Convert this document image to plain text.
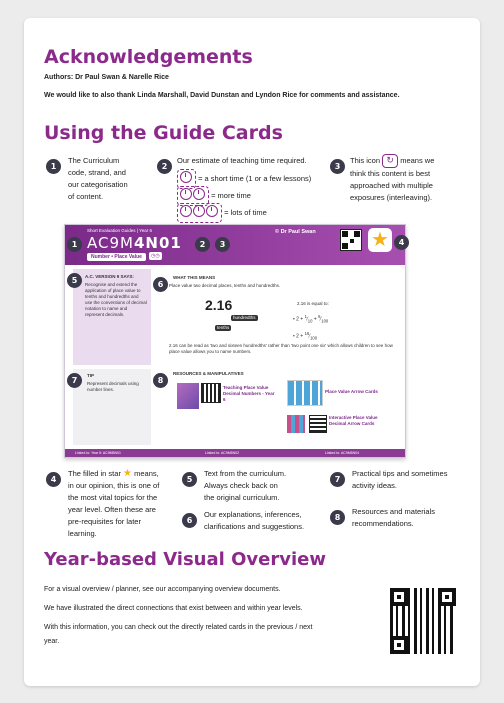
Acknowledgements
Authors: Dr Paul Swan & Narelle Rice
We would like to also thank Linda Marshall, David Dunstan and Lyndon Rice for comments and assistance.
Using the Guide Cards
1
The Curriculum
code, strand, and
our categorisation
of content.
2
Our estimate of teaching time required.
= a short time (1 or a few lessons)
= more time
= lots of time
3
This icon ↻ means we
think this content is best
approached with multiple
exposures (interleaving).
Short Evaluation Guides | Year 6
AC9M4N01
Number • Place Value	◷◷
© Dr Paul Swan
1	2	3	★	4
5	A.C. VERSION 9 SAYS:
Recognise and extend the application of place value to tenths and hundredths and use the conventions of decimal notation to name and represent decimals.
6
WHAT THIS MEANS
Place value two decimal places, tenths and hundredths.
2.16
hundredths
tenths
2.16 is equal to:
• $2 + ^1⁄_{10}$ + $^6⁄_{100}$
• $2 + ^{16}⁄_{100}$
2.16 can be read as 'two and sixteen hundredths' rather than 'two point one six' which allows children to see how place value allows you to name numbers.
7
TIP
Represent decimals using number lines.
8
RESOURCES & MANIPULATIVES
Teaching Place Value Decimal Numbers - Year 6
Place Value Arrow Cards
Interactive Place Value Decimal Arrow Cards
Linked to: Year 5: AC9M5N01	Linked to: AC9M6N02	Linked to: AC9M6N04
4
The filled in star ★ means,
in our opinion, this is one of
the most vital topics for the
year level. Often these are
pre-requisites for later
learning.
5
Text from the curriculum.
Always check back on
the original curriculum.
6
Our explanations, inferences,
clarifications and suggestions.
7
Practical tips and sometimes
activity ideas.
8
Resources and materials
recommendations.
Year-based Visual Overview
For a visual overview / planner, see our accompanying overview documents.
We have illustrated the direct connections that exist between and within year levels.
With this information, you can check out the directly related cards in the previous / next
year.
